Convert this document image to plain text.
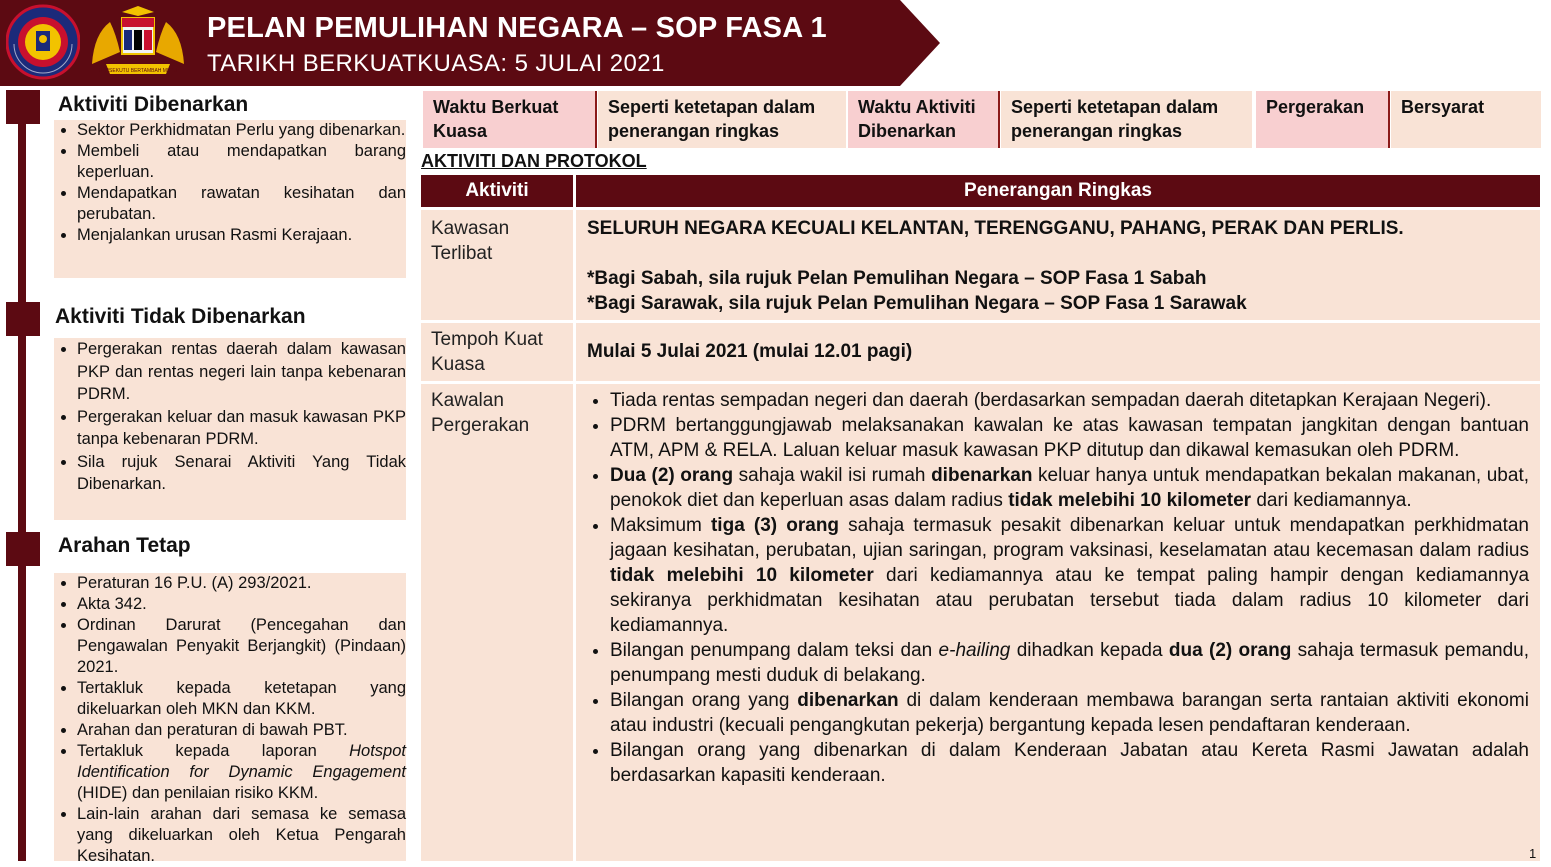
BERSEKUTU BERTAMBAH MUTU
PELAN PEMULIHAN NEGARA – SOP FASA 1
TARIKH BERKUATKUASA: 5 JULAI 2021
Aktiviti Dibenarkan
• Sektor Perkhidmatan Perlu yang dibenarkan.
• Membeli atau mendapatkan barang keperluan.
• Mendapatkan rawatan kesihatan dan perubatan.
• Menjalankan urusan Rasmi Kerajaan.
Aktiviti Tidak Dibenarkan
• Pergerakan rentas daerah dalam kawasan PKP dan rentas negeri lain tanpa kebenaran PDRM.
• Pergerakan keluar dan masuk kawasan PKP tanpa kebenaran PDRM.
• Sila rujuk Senarai Aktiviti Yang Tidak Dibenarkan.
Arahan Tetap
• Peraturan 16 P.U. (A) 293/2021.
• Akta 342.
• Ordinan Darurat (Pencegahan dan Pengawalan Penyakit Berjangkit) (Pindaan) 2021.
• Tertakluk kepada ketetapan yang dikeluarkan oleh MKN dan KKM.
• Arahan dan peraturan di bawah PBT.
• Tertakluk kepada laporan Hotspot Identification for Dynamic Engagement (HIDE) dan penilaian risiko KKM.
• Lain-lain arahan dari semasa ke semasa yang dikeluarkan oleh Ketua Pengarah Kesihatan.
Waktu Berkuat Kuasa
Seperti ketetapan dalam penerangan ringkas
Waktu Aktiviti Dibenarkan
Seperti ketetapan dalam penerangan ringkas
Pergerakan	Bersyarat
AKTIVITI DAN PROTOKOL
Aktiviti	Penerangan Ringkas
Kawasan Terlibat
SELURUH NEGARA KECUALI KELANTAN, TERENGGANU, PAHANG, PERAK DAN PERLIS.
*Bagi Sabah, sila rujuk Pelan Pemulihan Negara – SOP Fasa 1 Sabah
*Bagi Sarawak, sila rujuk Pelan Pemulihan Negara – SOP Fasa 1 Sarawak
Tempoh Kuat Kuasa
Mulai 5 Julai 2021 (mulai 12.01 pagi)
Kawalan Pergerakan
• Tiada rentas sempadan negeri dan daerah (berdasarkan sempadan daerah ditetapkan Kerajaan Negeri).
• PDRM bertanggungjawab melaksanakan kawalan ke atas kawasan tempatan jangkitan dengan bantuan ATM, APM & RELA. Laluan keluar masuk kawasan PKP ditutup dan dikawal kemasukan oleh PDRM.
• Dua (2) orang sahaja wakil isi rumah dibenarkan keluar hanya untuk mendapatkan bekalan makanan, ubat, penokok diet dan keperluan asas dalam radius tidak melebihi 10 kilometer dari kediamannya.
• Maksimum tiga (3) orang sahaja termasuk pesakit dibenarkan keluar untuk mendapatkan perkhidmatan jagaan kesihatan, perubatan, ujian saringan, program vaksinasi, keselamatan atau kecemasan dalam radius tidak melebihi 10 kilometer dari kediamannya atau ke tempat paling hampir dengan kediamannya sekiranya perkhidmatan kesihatan atau perubatan tersebut tiada dalam radius 10 kilometer dari kediamannya.
• Bilangan penumpang dalam teksi dan e-hailing dihadkan kepada dua (2) orang sahaja termasuk pemandu, penumpang mesti duduk di belakang.
• Bilangan orang yang dibenarkan di dalam kenderaan membawa barangan serta rantaian aktiviti ekonomi atau industri (kecuali pengangkutan pekerja) bergantung kepada lesen pendaftaran kenderaan.
• Bilangan orang yang dibenarkan di dalam Kenderaan Jabatan atau Kereta Rasmi Jawatan adalah berdasarkan kapasiti kenderaan.
1
